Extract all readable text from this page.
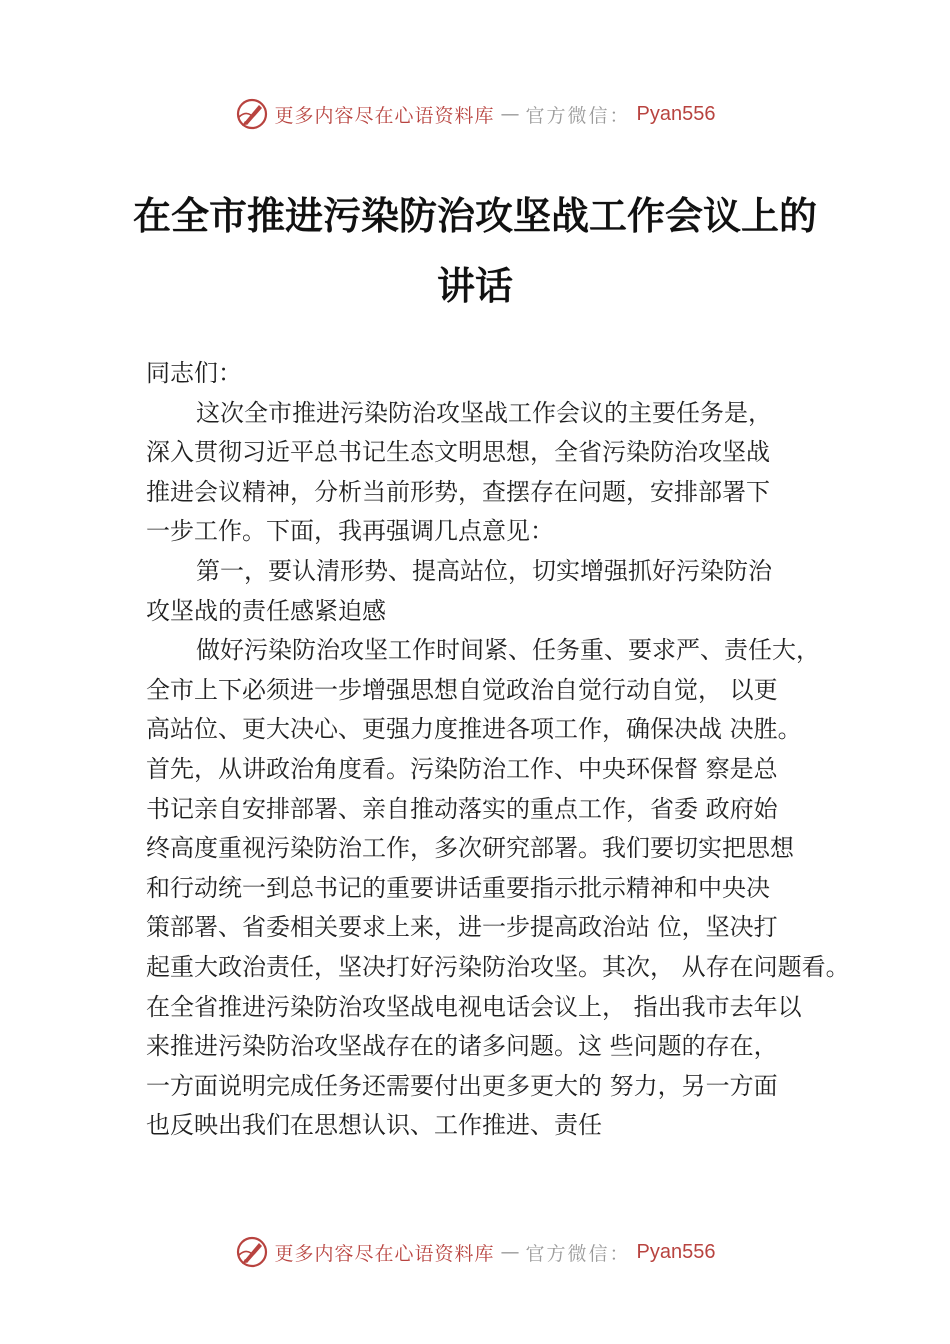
更多内容尽在心语资料库 — 官方微信： Pyan556
在全市推进污染防治攻坚战工作会议上的
讲话
同志们：
这次全市推进污染防治攻坚战工作会议的主要任务是，
深入贯彻习近平总书记生态文明思想，全省污染防治攻坚战
推进会议精神，分析当前形势，查摆存在问题，安排部署下
一步工作。下面，我再强调几点意见：
第一，要认清形势、提高站位，切实增强抓好污染防治
攻坚战的责任感紧迫感
做好污染防治攻坚工作时间紧、任务重、要求严、责任大，
全市上下必须进一步增强思想自觉政治自觉行动自觉， 以更
高站位、更大决心、更强力度推进各项工作，确保决战 决胜。
首先，从讲政治角度看。污染防治工作、中央环保督 察是总
书记亲自安排部署、亲自推动落实的重点工作，省委 政府始
终高度重视污染防治工作，多次研究部署。我们要切实把思想
和行动统一到总书记的重要讲话重要指示批示精神和中央决
策部署、省委相关要求上来，进一步提高政治站 位，坚决打
起重大政治责任，坚决打好污染防治攻坚。其次， 从存在问题看。
在全省推进污染防治攻坚战电视电话会议上， 指出我市去年以
来推进污染防治攻坚战存在的诸多问题。这 些问题的存在，
一方面说明完成任务还需要付出更多更大的 努力，另一方面
也反映出我们在思想认识、工作推进、责任
更多内容尽在心语资料库 — 官方微信： Pyan556
